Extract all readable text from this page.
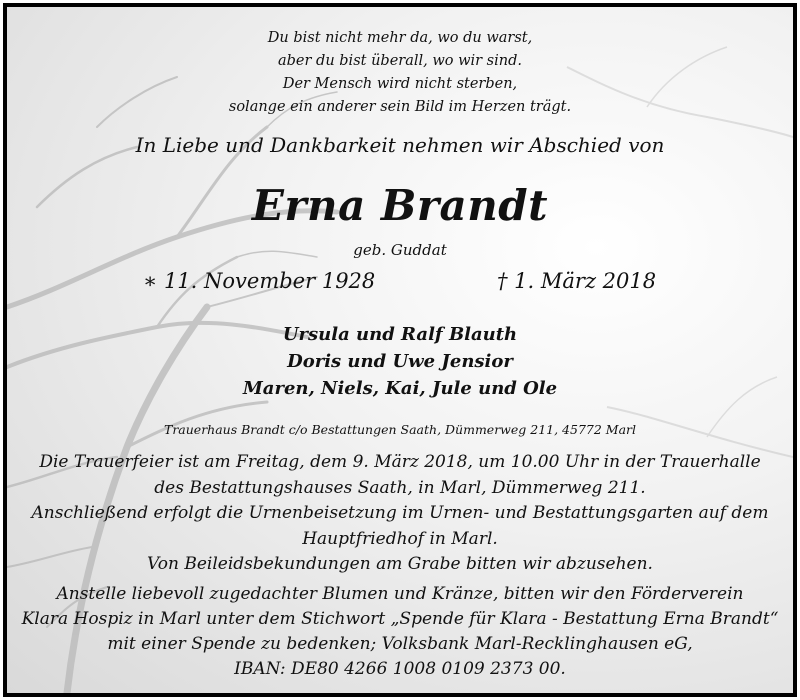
Du bist nicht mehr da, wo du warst,
aber du bist überall, wo wir sind.
Der Mensch wird nicht sterben,
solange ein anderer sein Bild im Herzen trägt.
In Liebe und Dankbarkeit nehmen wir Abschied von
Erna Brandt
geb. Guddat
∗ 11. November 1928	† 1. März 2018
Ursula und Ralf Blauth
Doris und Uwe Jensior
Maren, Niels, Kai, Jule und Ole
Trauerhaus Brandt c/o Bestattungen Saath, Dümmerweg 211, 45772 Marl
Die Trauerfeier ist am Freitag, dem 9. März 2018, um 10.00 Uhr in der Trauerhalle
des Bestattungshauses Saath, in Marl, Dümmerweg 211.
Anschließend erfolgt die Urnenbeisetzung im Urnen- und Bestattungsgarten auf dem
Hauptfriedhof in Marl.
Von Beileidsbekundungen am Grabe bitten wir abzusehen.
Anstelle liebevoll zugedachter Blumen und Kränze, bitten wir den Förderverein
Klara Hospiz in Marl unter dem Stichwort „Spende für Klara - Bestattung Erna Brandt“
mit einer Spende zu bedenken; Volksbank Marl-Recklinghausen eG,
IBAN: DE80 4266 1008 0109 2373 00.
